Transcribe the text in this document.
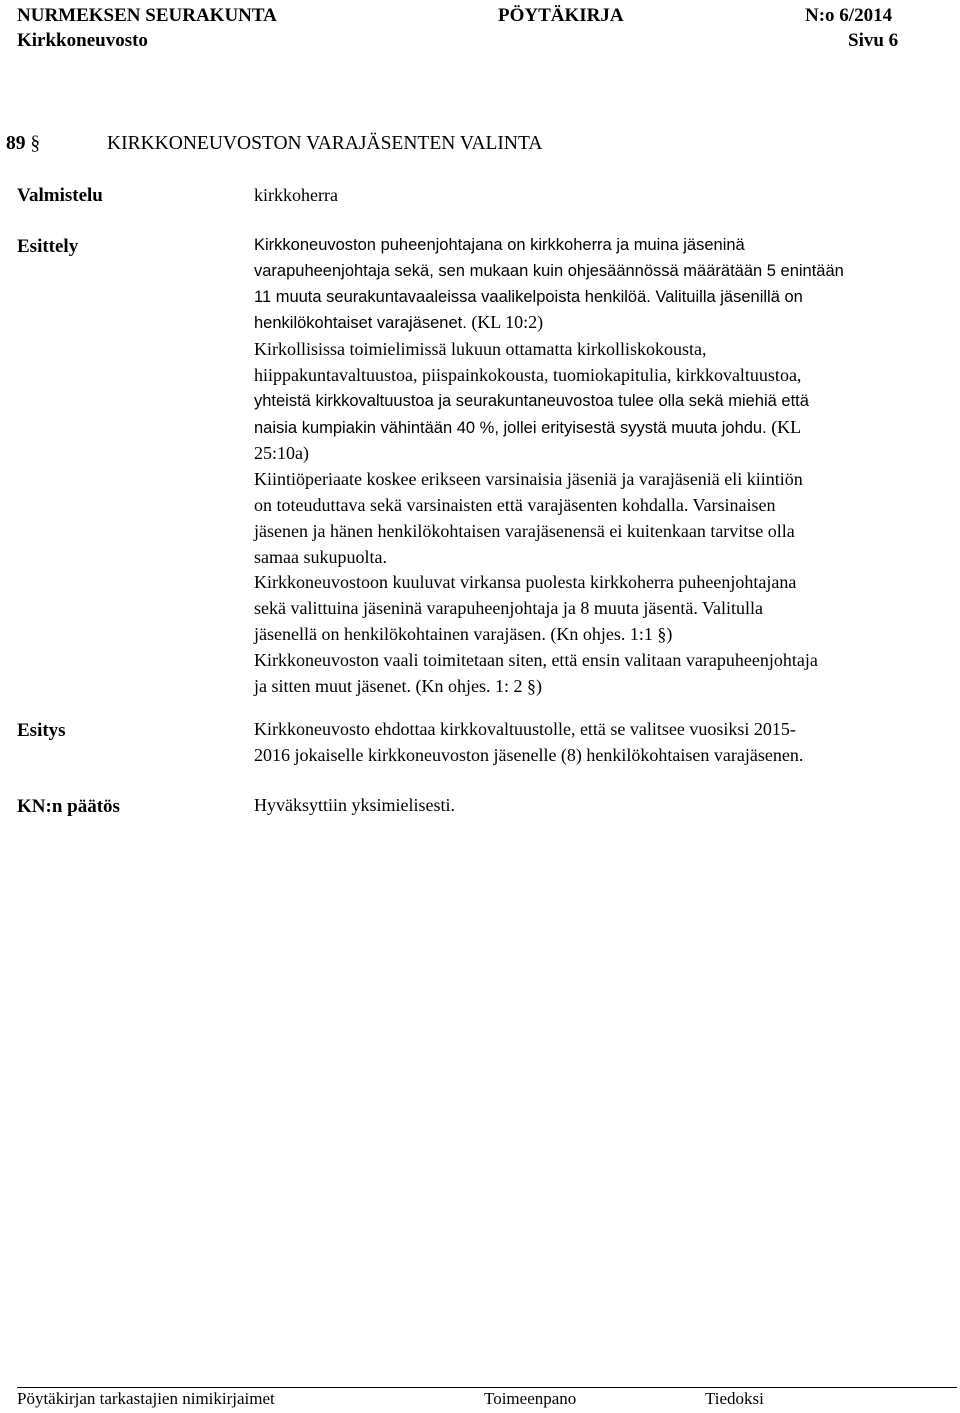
NURMEKSEN SEURAKUNTA	PÖYTÄKIRJA	N:o 6/2014
Kirkkoneuvosto	Sivu 6
89 §	KIRKKONEUVOSTON VARAJÄSENTEN VALINTA
Valmistelu	kirkkoherra
Esittely	Kirkkoneuvoston puheenjohtajana on kirkkoherra ja muina jäseninä
varapuheenjohtaja sekä, sen mukaan kuin ohjesäännössä määrätään 5 enintään
11 muuta seurakuntavaaleissa vaalikelpoista henkilöä. Valituilla jäsenillä on
henkilökohtaiset varajäsenet. (KL 10:2)
Kirkollisissa toimielimissä lukuun ottamatta kirkolliskokousta,
hiippakuntavaltuustoa, piispainkokousta, tuomiokapitulia, kirkkovaltuustoa,
yhteistä kirkkovaltuustoa ja seurakuntaneuvostoa tulee olla sekä miehiä että
naisia kumpiakin vähintään 40 %, jollei erityisestä syystä muuta johdu. (KL
25:10a)
Kiintiöperiaate koskee erikseen varsinaisia jäseniä ja varajäseniä eli kiintiön
on toteuduttava sekä varsinaisten että varajäsenten kohdalla. Varsinaisen
jäsenen ja hänen henkilökohtaisen varajäsenensä ei kuitenkaan tarvitse olla
samaa sukupuolta.
Kirkkoneuvostoon kuuluvat virkansa puolesta kirkkoherra puheenjohtajana
sekä valittuina jäseninä varapuheenjohtaja ja 8 muuta jäsentä. Valitulla
jäsenellä on henkilökohtainen varajäsen. (Kn ohjes. 1:1 §)
Kirkkoneuvoston vaali toimitetaan siten, että ensin valitaan varapuheenjohtaja
ja sitten muut jäsenet. (Kn ohjes. 1: 2 §)
Esitys	Kirkkoneuvosto ehdottaa kirkkovaltuustolle, että se valitsee vuosiksi 2015-
2016 jokaiselle kirkkoneuvoston jäsenelle (8) henkilökohtaisen varajäsenen.
KN:n päätös	Hyväksyttiin yksimielisesti.
Pöytäkirjan tarkastajien nimikirjaimet	Toimeenpano	Tiedoksi
